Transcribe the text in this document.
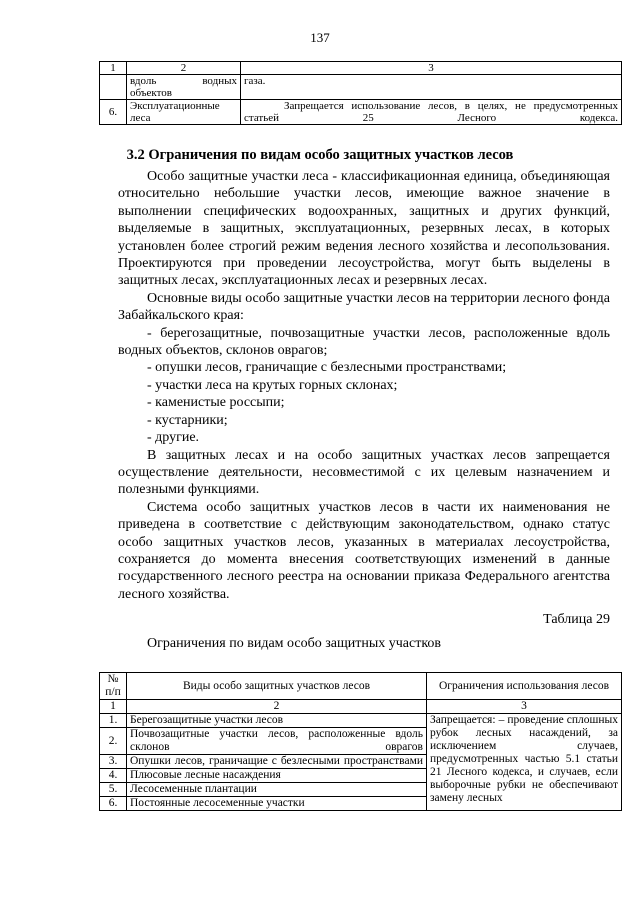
137
1	2	3
	вдоль водных объектов	газа.
6.	Эксплуатационные леса	Запрещается использование лесов, в целях, не предусмотренных статьей 25 Лесного кодекса.
3.2 Ограничения по видам особо защитных участков лесов

Особо защитные участки леса - классификационная единица, объединяющая относительно небольшие участки лесов, имеющие важное значение в выполнении специфических водоохранных, защитных и других функций, выделяемые в защитных, эксплуатационных, резервных лесах, в которых установлен более строгий режим ведения лесного хозяйства и лесопользования. Проектируются при проведении лесоустройства, могут быть выделены в защитных лесах, эксплуатационных лесах и резервных лесах.

Основные виды особо защитные участки лесов на территории лесного фонда Забайкальского края:

- берегозащитные, почвозащитные участки лесов, расположенные вдоль водных объектов, склонов оврагов;

- опушки лесов, граничащие с безлесными пространствами;

- участки леса на крутых горных склонах;

- каменистые россыпи;

- кустарники;

- другие.

В защитных лесах и на особо защитных участках лесов запрещается осуществление деятельности, несовместимой с их целевым назначением и полезными функциями.

Система особо защитных участков лесов в части их наименования не приведена в соответствие с действующим законодательством, однако статус особо защитных участков лесов, указанных в материалах лесоустройства, сохраняется до момента внесения соответствующих изменений в данные государственного лесного реестра на основании приказа Федерального агентства лесного хозяйства.

Таблица 29

Ограничения по видам особо защитных участков

№ п/п	Виды особо защитных участков лесов	Ограничения использования лесов
1	2	3
1.	Берегозащитные участки лесов	Запрещается: – проведение сплошных рубок лесных насаждений, за исключением случаев, предусмотренных частью 5.1 статьи 21 Лесного кодекса, и случаев, если выборочные рубки не обеспечивают замену лесных
2.	Почвозащитные участки лесов, расположенные вдоль склонов оврагов	
3.	Опушки лесов, граничащие с безлесными пространствами	
4.	Плюсовые лесные насаждения	
5.	Лесосеменные плантации	
6.	Постоянные лесосеменные участки	
